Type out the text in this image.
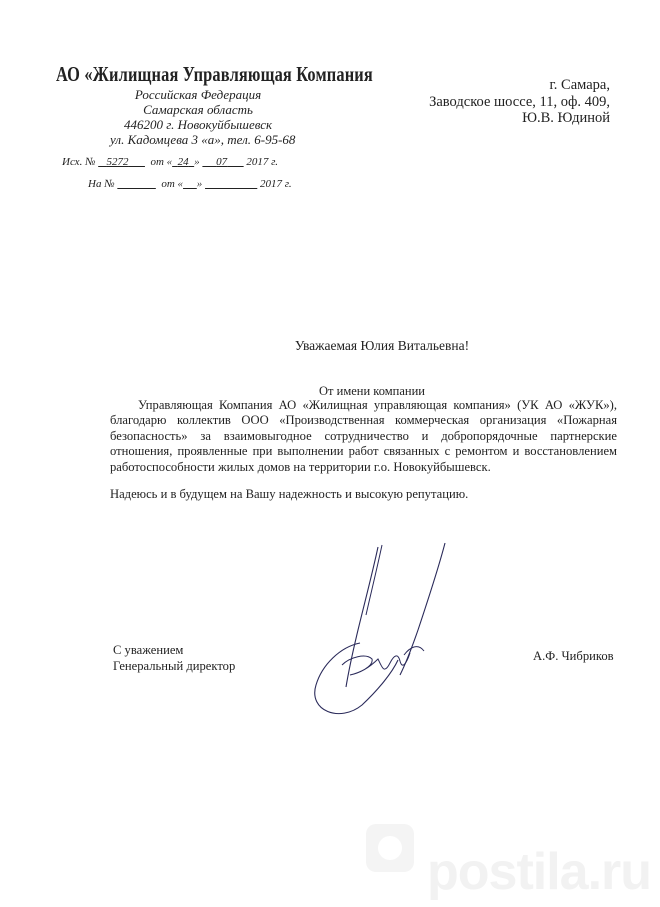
АО «Жилищная Управляющая Компания
Российская Федерация
Самарская область
446200 г. Новокуйбышевск
ул. Кадомцева 3 «а», тел. 6-95-68
Исх. № 5272 от « 24 »      07 2017 г.
На №	от « »	2017 г.
г. Самара,
Заводское шоссе, 11, оф. 409,
Ю.В. Юдиной
Уважаемая Юлия Витальевна!
От имени компании
Управляющая Компания АО «Жилищная управляющая компания» (УК АО «ЖУК»), благодарю коллектив ООО «Производственная коммерческая организация «Пожарная безопасность» за взаимовыгодное сотрудничество и добропорядочные партнерские отношения, проявленные при выполнении работ связанных с ремонтом и восстановлением работоспособности жилых домов на территории г.о. Новокуйбышевск.
Надеюсь и в будущем на Вашу надежность и высокую репутацию.
С уважением
Генеральный директор
А.Ф. Чибриков
postila.ru
